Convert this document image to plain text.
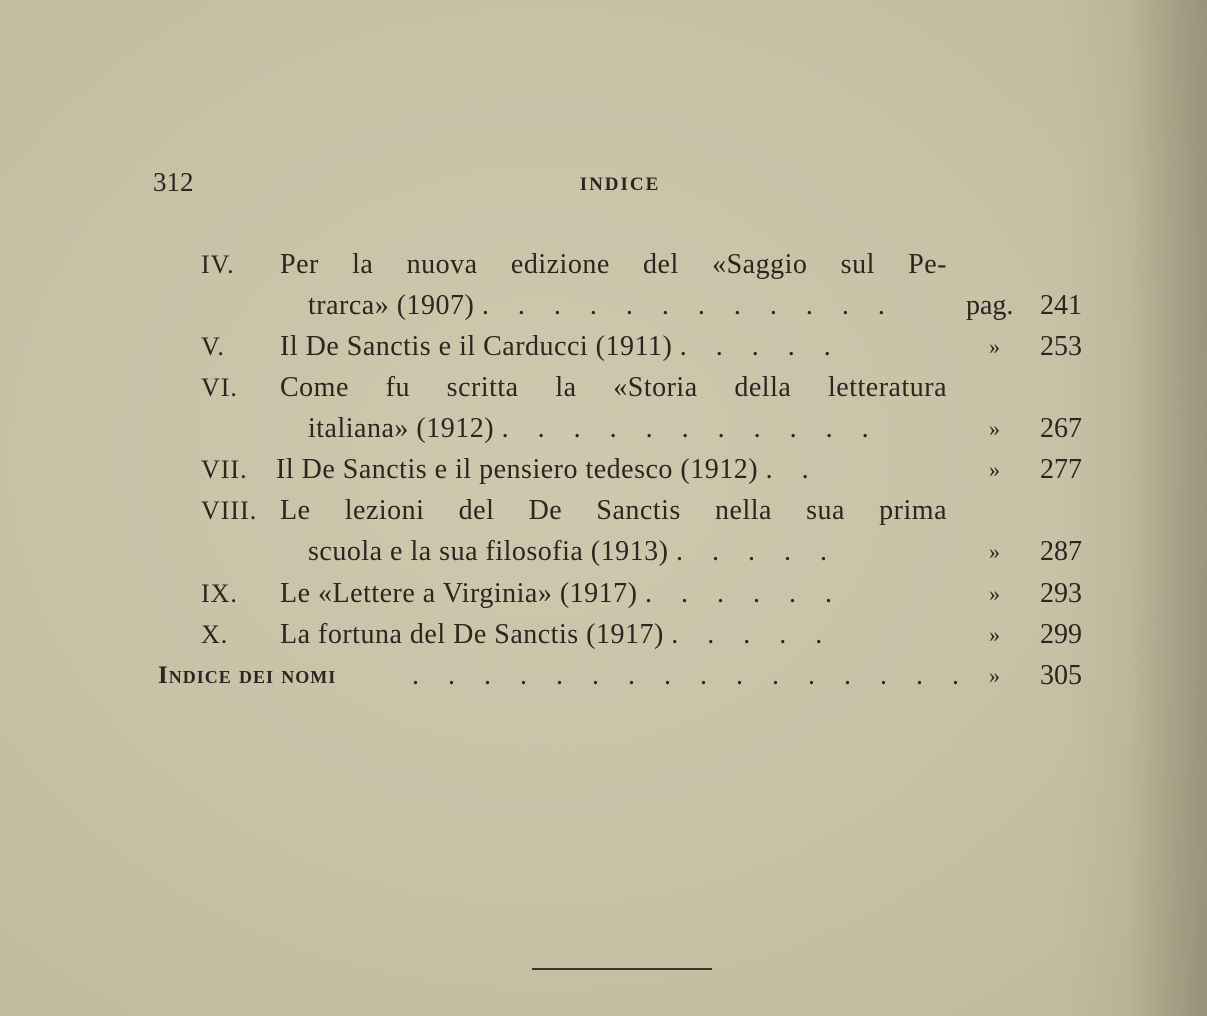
312	INDICE
IV. Per la nuova edizione del «Saggio sul Pe-
trarca» (1907) . . . . . . . . . . . .	pag. 241
V. Il De Sanctis e il Carducci (1911) . . . . .	» 253
VI. Come fu scritta la «Storia della letteratura
italiana» (1912) . . . . . . . . . . .	» 267
VII. Il De Sanctis e il pensiero tedesco (1912) . .	» 277
VIII. Le lezioni del De Sanctis nella sua prima
scuola e la sua filosofia (1913) . . . . .	» 287
IX. Le «Lettere a Virginia» (1917) . . . . . .	» 293
X. La fortuna del De Sanctis (1917) . . . . .	» 299
Indice dei nomi	. . . . . . . . . . . . . . . . » 305
